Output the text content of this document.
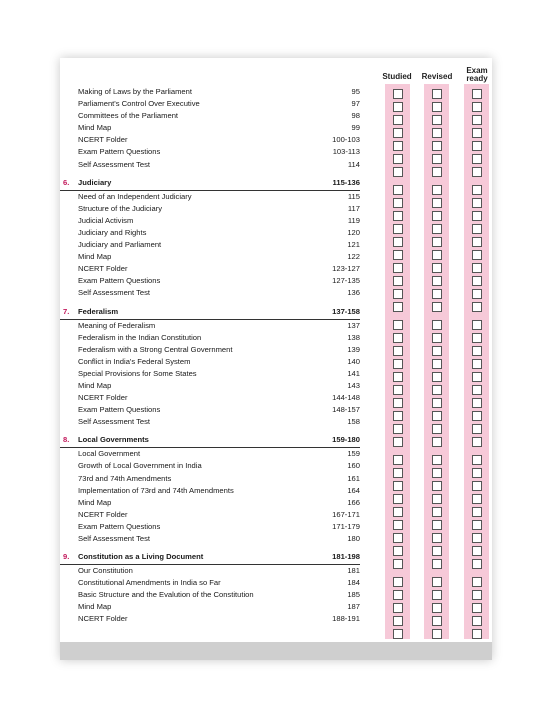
Studied	Revised
Exam
ready
Making of Laws by the Parliament	95
Parliament's Control Over Executive	97
Committees of the Parliament	98
Mind Map	99
NCERT Folder	100-103
Exam Pattern Questions	103-113
Self Assessment Test	114
6. Judiciary	115-136
Need of an Independent Judiciary	115
Structure of the Judiciary	117
Judicial Activism	119
Judiciary and Rights	120
Judiciary and Parliament	121
Mind Map	122
NCERT Folder	123-127
Exam Pattern Questions	127-135
Self Assessment Test	136
7. Federalism	137-158
Meaning of Federalism	137
Federalism in the Indian Constitution	138
Federalism with a Strong Central Government	139
Conflict in India's Federal System	140
Special Provisions for Some States	141
Mind Map	143
NCERT Folder	144-148
Exam Pattern Questions	148-157
Self Assessment Test	158
8. Local Governments	159-180
Local Government	159
Growth of Local Government in India	160
73rd and 74th Amendments	161
Implementation of 73rd and 74th Amendments	164
Mind Map	166
NCERT Folder	167-171
Exam Pattern Questions	171-179
Self Assessment Test	180
9. Constitution as a Living Document	181-198
Our Constitution	181
Constitutional Amendments in India so Far	184
Basic Structure and the Evalution of the Constitution	185
Mind Map	187
NCERT Folder	188-191
